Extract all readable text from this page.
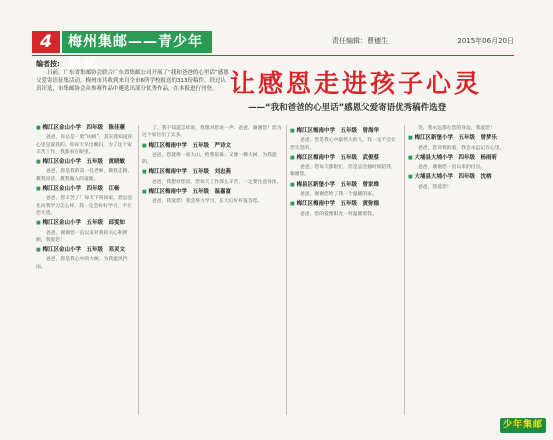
4	梅州集邮——青少年集邮
责任编辑：曹穗生	2015年06月20日
编者按:
日前，广东省集邮协会联合广东省集邮公司开展了“我和爸爸的心里话”感恩父爱寄语征集活动，梅州市共收到来自全市6所学校报送的313份稿件，经过认真评选，市集邮协会从参赛作品中遴选出部分优秀作品，在本报进行刊登。 让感恩走进孩子心灵
——“我和爸爸的心里话”感恩父爱寄语优秀稿件选登

■ 梅江区金山小学　四年级　陈佳蕙

爸爸，你总是一脸“凶相”，其实我知道你心里是爱我的。你每天早出晚归，为了这个家辛苦工作，我都看在眼里。

■ 梅江区金山小学　五年级　黄晓敏

爸爸，您是我的第一任老师，教我走路，教我说话，教我做人的道理。

■ 梅江区金山小学　四年级　江畅

爸爸，您辛苦了！每天下班回家，您总是先问我学习怎么样，我一定会好好学习，不让您失望。

■ 梅江区金山小学　五年级　邱雯如

爸爸，谢谢您一直以来对我的关心和照顾，我爱您！

■ 梅江区金山小学　五年级　邓灵文

爸爸，您是我心中的大树，为我遮风挡雨。

了，我不知道怎样说，我想对您说一声：爸爸，谢谢您！您为这个家付出了太多。

■ 梅江区梅南中学　五年级　严诗文

爸爸，您就像一座大山，给我依靠；又像一棵大树，为我遮阴。

■ 梅江区梅南中学　五年级　刘忠燕

爸爸，我想对您说，您每天工作那么辛苦，一定要注意身体。

■ 梅江区梅南中学　五年级　温嘉富

爸爸，我爱您！我会努力学习，长大后好好报答您。

■ 梅江区梅南中学　五年级　曾海华

爸爸，您是我心中最伟大的人，我一定不会让您失望的。

■ 梅江区梅南中学　五年级　武俊蔡

爸爸，您每天都很忙，但是总会抽时间陪我，谢谢您。

■ 梅县区新堡小学　五年级　曾家维

爸爸，谢谢您给了我一个温暖的家。

■ 梅江区梅南中学　五年级　黄弥德

爸爸，您的爱像阳光一样温暖着我。

笑，我永远都在您的身边，我爱您！

■ 梅江区新堡小学　五年级　曾梦乐

爸爸，您对我的爱，我会永远记在心里。

■ 大埔县大埔小学　四年级　杨雨昕

爸爸，谢谢您一直以来的付出。

■ 大埔县大埔小学　四年级　沈榕

爸爸，我爱您！

少年集邮
